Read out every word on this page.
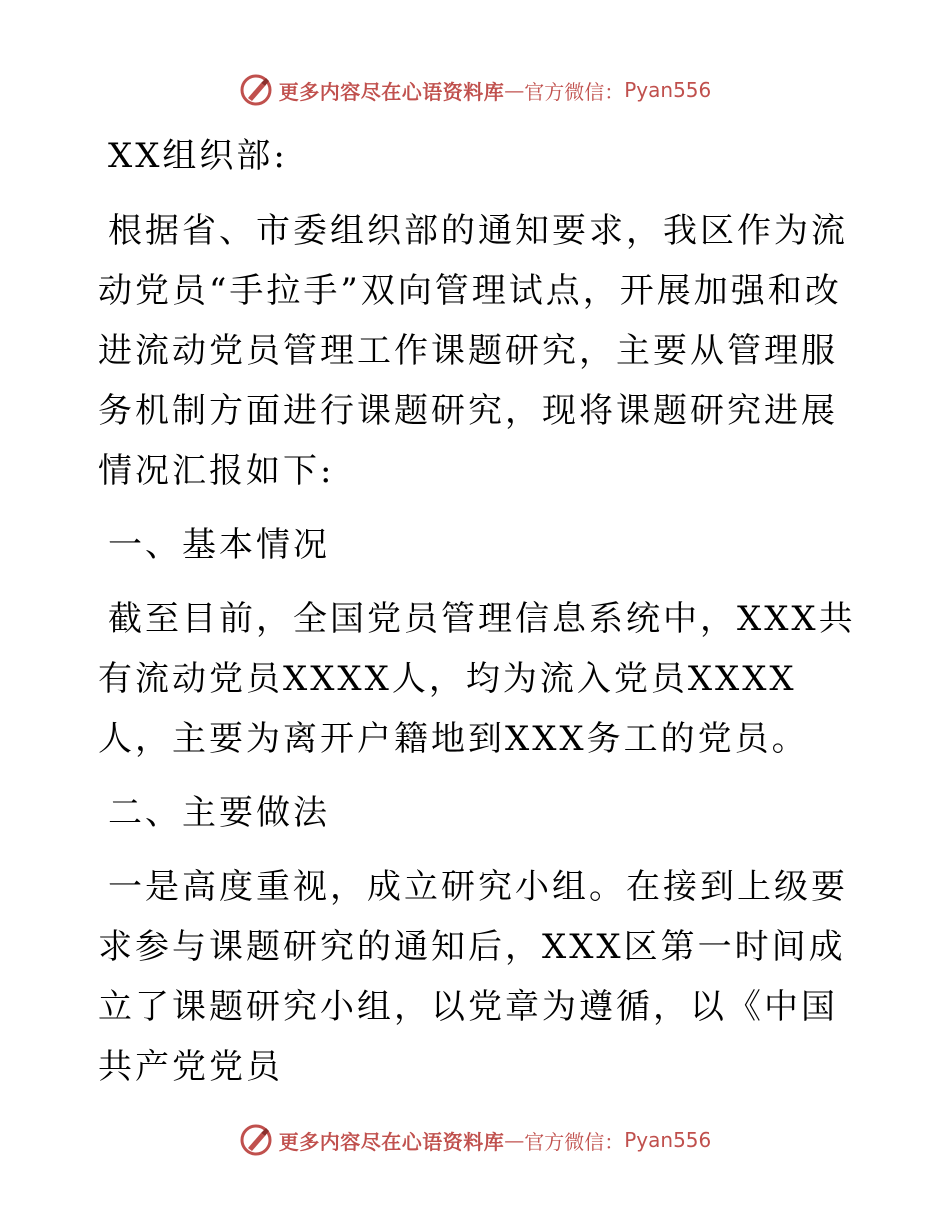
更多内容尽在心语资料库 — 官方微信： Pyan556

XX组织部:

根据省、市委组织部的通知要求，我区作为流动党员“手拉手”双向管理试点，开展加强和改进流动党员管理工作课题研究，主要从管理服务机制方面进行课题研究，现将课题研究进展情况汇报如下:

一、基本情况

截至目前，全国党员管理信息系统中，XXX共有流动党员XXXX人，均为流入党员XXXX人，主要为离开户籍地到XXX务工的党员。

二、主要做法

一是高度重视，成立研究小组。在接到上级要求参与课题研究的通知后，XXX区第一时间成立了课题研究小组，以党章为遵循，以《中国共产党党员

更多内容尽在心语资料库 — 官方微信： Pyan556
